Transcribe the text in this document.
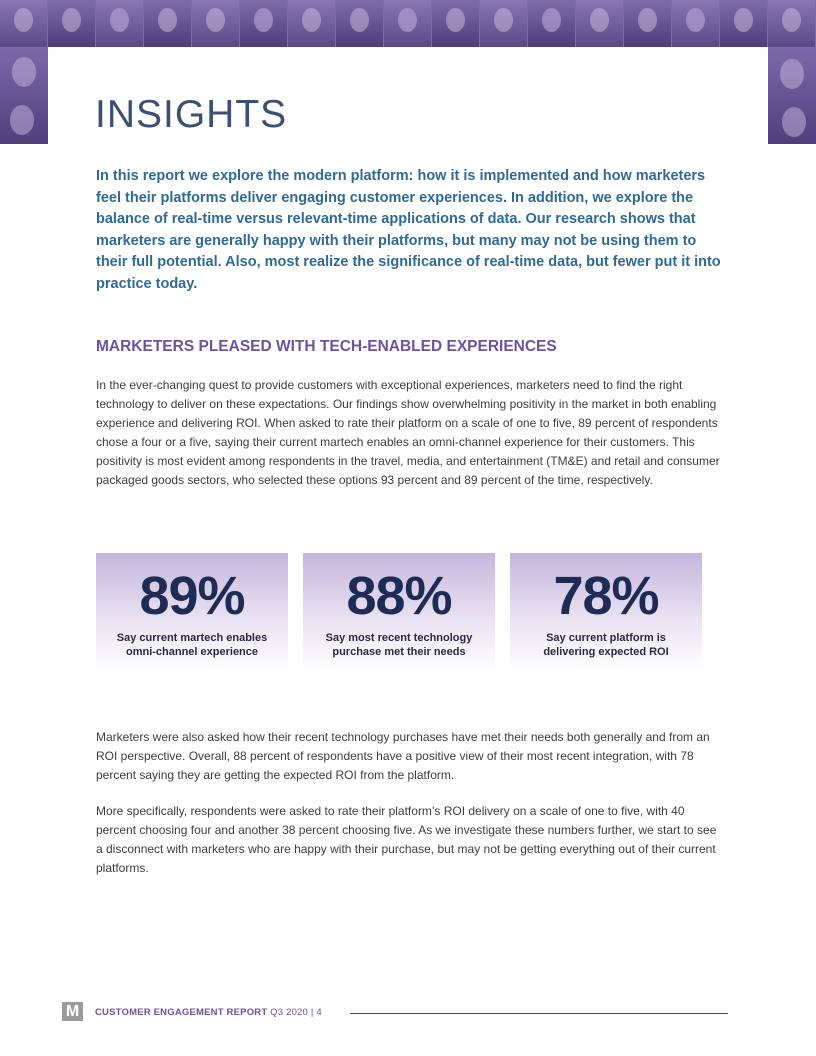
INSIGHTS

In this report we explore the modern platform: how it is implemented and how marketers feel their platforms deliver engaging customer experiences. In addition, we explore the balance of real-time versus relevant-time applications of data. Our research shows that marketers are generally happy with their platforms, but many may not be using them to their full potential. Also, most realize the significance of real-time data, but fewer put it into practice today.

MARKETERS PLEASED WITH TECH-ENABLED EXPERIENCES

In the ever-changing quest to provide customers with exceptional experiences, marketers need to find the right technology to deliver on these expectations. Our findings show overwhelming positivity in the market in both enabling experience and delivering ROI. When asked to rate their platform on a scale of one to five, 89 percent of respondents chose a four or a five, saying their current martech enables an omni-channel experience for their customers. This positivity is most evident among respondents in the travel, media, and entertainment (TM&E) and retail and consumer packaged goods sectors, who selected these options 93 percent and 89 percent of the time, respectively.

89%
Say current martech enables omni-channel experience
88%
Say most recent technology purchase met their needs
78%
Say current platform is delivering expected ROI

Marketers were also asked how their recent technology purchases have met their needs both generally and from an ROI perspective. Overall, 88 percent of respondents have a positive view of their most recent integration, with 78 percent saying they are getting the expected ROI from the platform.

More specifically, respondents were asked to rate their platform’s ROI delivery on a scale of one to five, with 40 percent choosing four and another 38 percent choosing five. As we investigate these numbers further, we start to see a disconnect with marketers who are happy with their purchase, but may not be getting everything out of their current platforms.

M	CUSTOMER ENGAGEMENT REPORT Q3 2020 | 4
